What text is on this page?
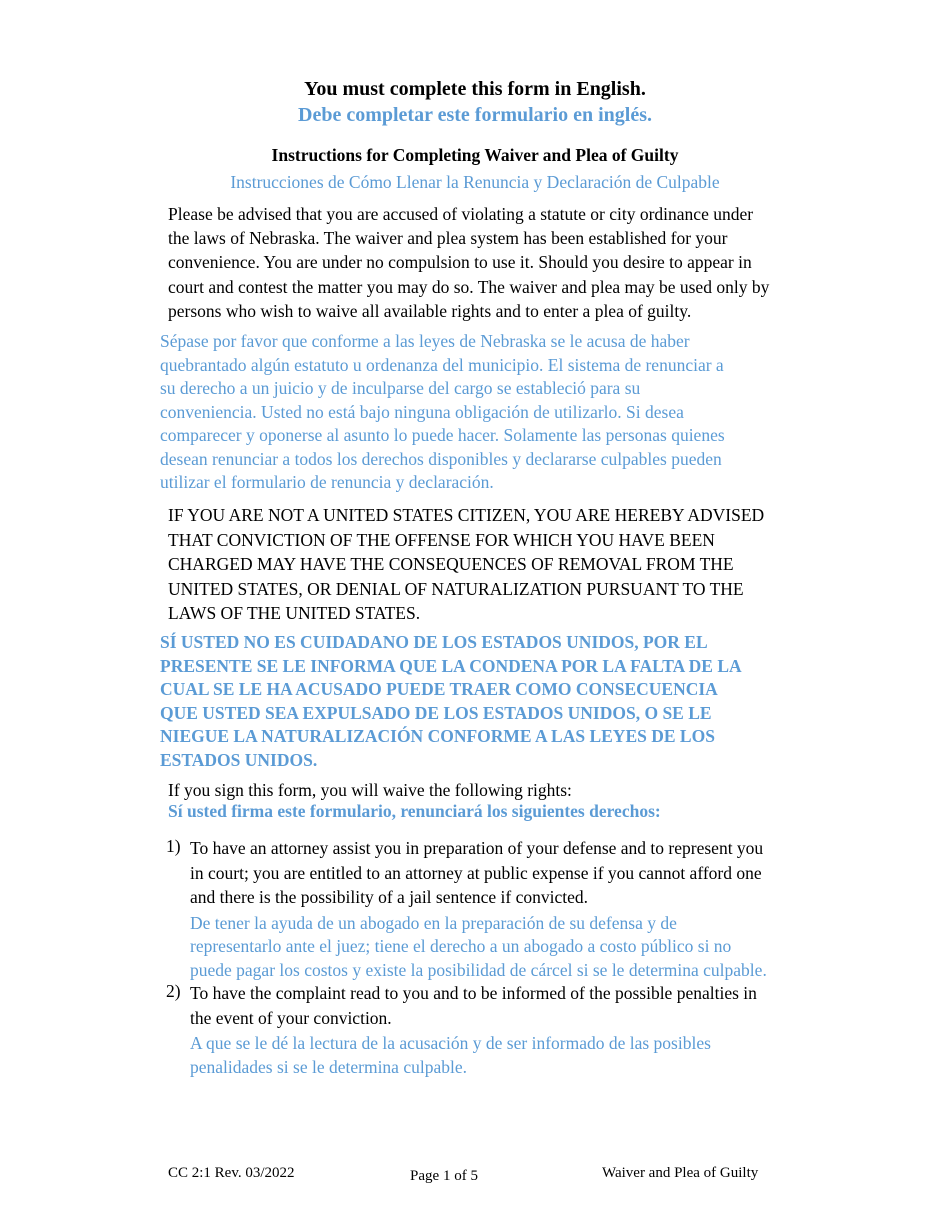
You must complete this form in English.
Debe completar este formulario en inglés.
Instructions for Completing Waiver and Plea of Guilty
Instrucciones de Cómo Llenar la Renuncia y Declaración de Culpable
Please be advised that you are accused of violating a statute or city ordinance under
the laws of Nebraska. The waiver and plea system has been established for your
convenience. You are under no compulsion to use it. Should you desire to appear in
court and contest the matter you may do so. The waiver and plea may be used only by
persons who wish to waive all available rights and to enter a plea of guilty.
Sépase por favor que conforme a las leyes de Nebraska se le acusa de haber
quebrantado algún estatuto u ordenanza del municipio. El sistema de renunciar a
su derecho a un juicio y de inculparse del cargo se estableció para su
conveniencia. Usted no está bajo ninguna obligación de utilizarlo. Si desea
comparecer y oponerse al asunto lo puede hacer. Solamente las personas quienes
desean renunciar a todos los derechos disponibles y declararse culpables pueden
utilizar el formulario de renuncia y declaración.
IF YOU ARE NOT A UNITED STATES CITIZEN, YOU ARE HEREBY ADVISED
THAT CONVICTION OF THE OFFENSE FOR WHICH YOU HAVE BEEN
CHARGED MAY HAVE THE CONSEQUENCES OF REMOVAL FROM THE
UNITED STATES, OR DENIAL OF NATURALIZATION PURSUANT TO THE
LAWS OF THE UNITED STATES.
SÍ USTED NO ES CUIDADANO DE LOS ESTADOS UNIDOS, POR EL
PRESENTE SE LE INFORMA QUE LA CONDENA POR LA FALTA DE LA
CUAL SE LE HA ACUSADO PUEDE TRAER COMO CONSECUENCIA
QUE USTED SEA EXPULSADO DE LOS ESTADOS UNIDOS, O SE LE
NIEGUE LA NATURALIZACIÓN CONFORME A LAS LEYES DE LOS
ESTADOS UNIDOS.
If you sign this form, you will waive the following rights:
Sí usted firma este formulario, renunciará los siguientes derechos:
1) To have an attorney assist you in preparation of your defense and to represent you
in court; you are entitled to an attorney at public expense if you cannot afford one
and there is the possibility of a jail sentence if convicted.
De tener la ayuda de un abogado en la preparación de su defensa y de
representarlo ante el juez; tiene el derecho a un abogado a costo público si no
puede pagar los costos y existe la posibilidad de cárcel si se le determina culpable.
2) To have the complaint read to you and to be informed of the possible penalties in
the event of your conviction.
A que se le dé la lectura de la acusación y de ser informado de las posibles
penalidades si se le determina culpable.
CC 2:1 Rev. 03/2022	Page 1 of 5	Waiver and Plea of Guilty
